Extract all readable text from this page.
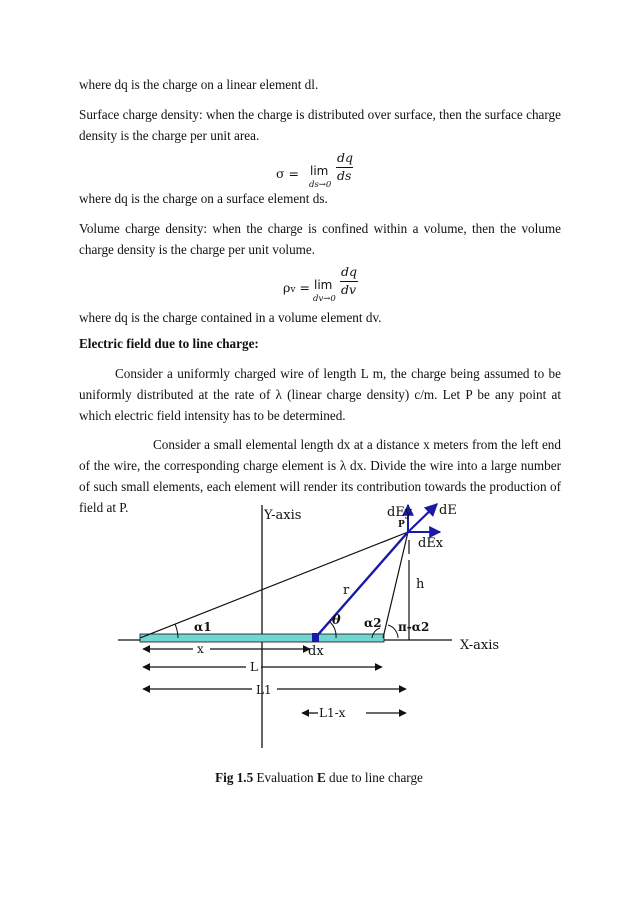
where dq is the charge on a linear element dl.

Surface charge density: when the charge is distributed over surface, then the surface charge density is the charge per unit area.

σ = lim
ds→0
dq
ds

where dq is the charge on a surface element ds.

Volume charge density: when the charge is confined within a volume, then the volume charge density is the charge per unit volume.

ρv = lim
dv→0
dq
dv

where dq is the charge contained in a volume element dv.

Electric field due to line charge:

Consider a uniformly charged wire of length L m, the charge being assumed to be uniformly distributed at the rate of λ (linear charge density) c/m. Let P be any point at which electric field intensity has to be determined.

Consider a small elemental length dx at a distance x meters from the left end of the wire, the corresponding charge element is λ dx. Divide the wire into a large number of such small elements, each element will render its contribution towards the production of field at P.

Y-axis
X-axis
dEy dE
P
dEx
r	h
θ
α1	α2 π-α2
x	dx
L
L1
L1-x
Fig 1.5 Evaluation E due to line charge
